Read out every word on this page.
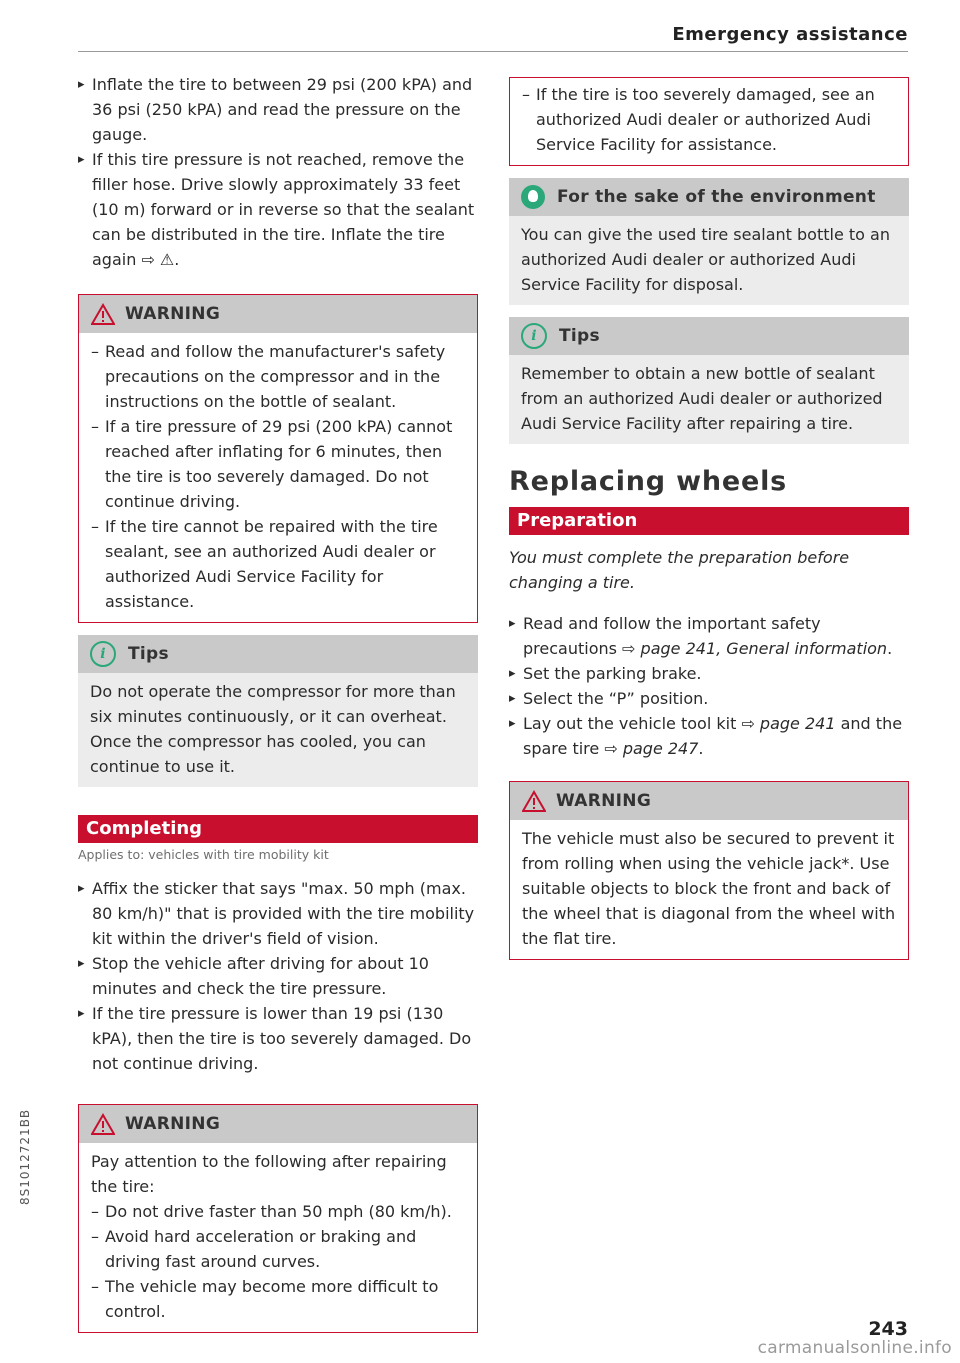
Emergency assistance

▸ Inflate the tire to between 29 psi (200 kPA) and 36 psi (250 kPA) and read the pressure on the gauge.

▸ If this tire pressure is not reached, remove the filler hose. Drive slowly approximately 33 feet (10 m) forward or in reverse so that the sealant can be distributed in the tire. Inflate the tire again ⇨ ⚠.

WARNING

– Read and follow the manufacturer's safety precautions on the compressor and in the instructions on the bottle of sealant.

– If a tire pressure of 29 psi (200 kPA) cannot reached after inflating for 6 minutes, then the tire is too severely damaged. Do not continue driving.

– If the tire cannot be repaired with the tire sealant, see an authorized Audi dealer or authorized Audi Service Facility for assistance.

i	Tips

Do not operate the compressor for more than six minutes continuously, or it can overheat. Once the compressor has cooled, you can continue to use it.

Completing

Applies to: vehicles with tire mobility kit

▸ Affix the sticker that says "max. 50 mph (max. 80 km/h)" that is provided with the tire mobility kit within the driver's field of vision.

▸ Stop the vehicle after driving for about 10 minutes and check the tire pressure.

▸ If the tire pressure is lower than 19 psi (130 kPA), then the tire is too severely damaged. Do not continue driving.

WARNING

Pay attention to the following after repairing the tire:

– Do not drive faster than 50 mph (80 km/h).

– Avoid hard acceleration or braking and driving fast around curves.

– The vehicle may become more difficult to control.

– If the tire is too severely damaged, see an authorized Audi dealer or authorized Audi Service Facility for assistance.

For the sake of the environment

You can give the used tire sealant bottle to an authorized Audi dealer or authorized Audi Service Facility for disposal.

i	Tips

Remember to obtain a new bottle of sealant from an authorized Audi dealer or authorized Audi Service Facility after repairing a tire.

Replacing wheels

Preparation

You must complete the preparation before changing a tire.

▸ Read and follow the important safety precautions ⇨ page 241, General information.

▸ Set the parking brake.

▸ Select the “P” position.

▸ Lay out the vehicle tool kit ⇨ page 241 and the spare tire ⇨ page 247.

WARNING

The vehicle must also be secured to prevent it from rolling when using the vehicle jack*. Use suitable objects to block the front and back of the wheel that is diagonal from the wheel with the flat tire.

8S1012721BB
243
carmanualsonline.info
